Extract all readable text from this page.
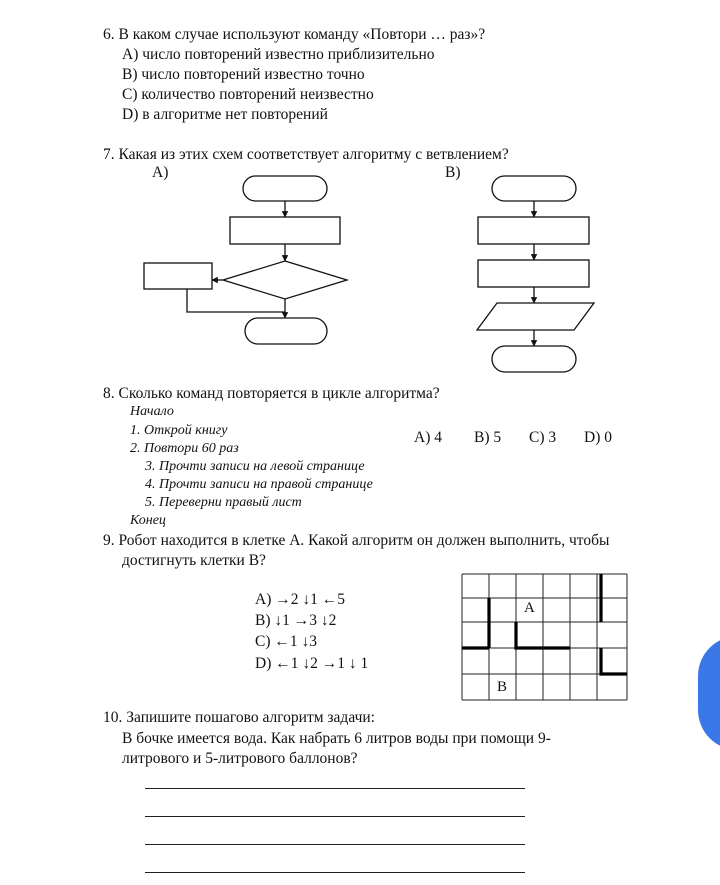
6. В каком случае используют команду «Повтори … раз»?
A) число повторений известно приблизительно
B) число повторений известно точно
C) количество повторений неизвестно
D) в алгоритме нет повторений
7. Какая из этих схем соответствует алгоритму с ветвлением?
А)	В)
8. Сколько команд повторяется в цикле алгоритма?
Начало
1. Открой книгу
2. Повтори 60 раз
3. Прочти записи на левой странице
4. Прочти записи на правой странице
5. Переверни правый лист
Конец
A) 4 B) 5 C) 3 D) 0
9. Робот находится в клетке А. Какой алгоритм он должен выполнить, чтобы
достигнуть клетки В?
A) →2 ↓1 ←5
B) ↓1 →3 ↓2
C) ←1 ↓3
D) ←1 ↓2 →1 ↓ 1
A
B
10. Запишите пошагово алгоритм задачи:
В бочке имеется вода. Как набрать 6 литров воды при помощи 9-
литрового и 5-литрового баллонов?
